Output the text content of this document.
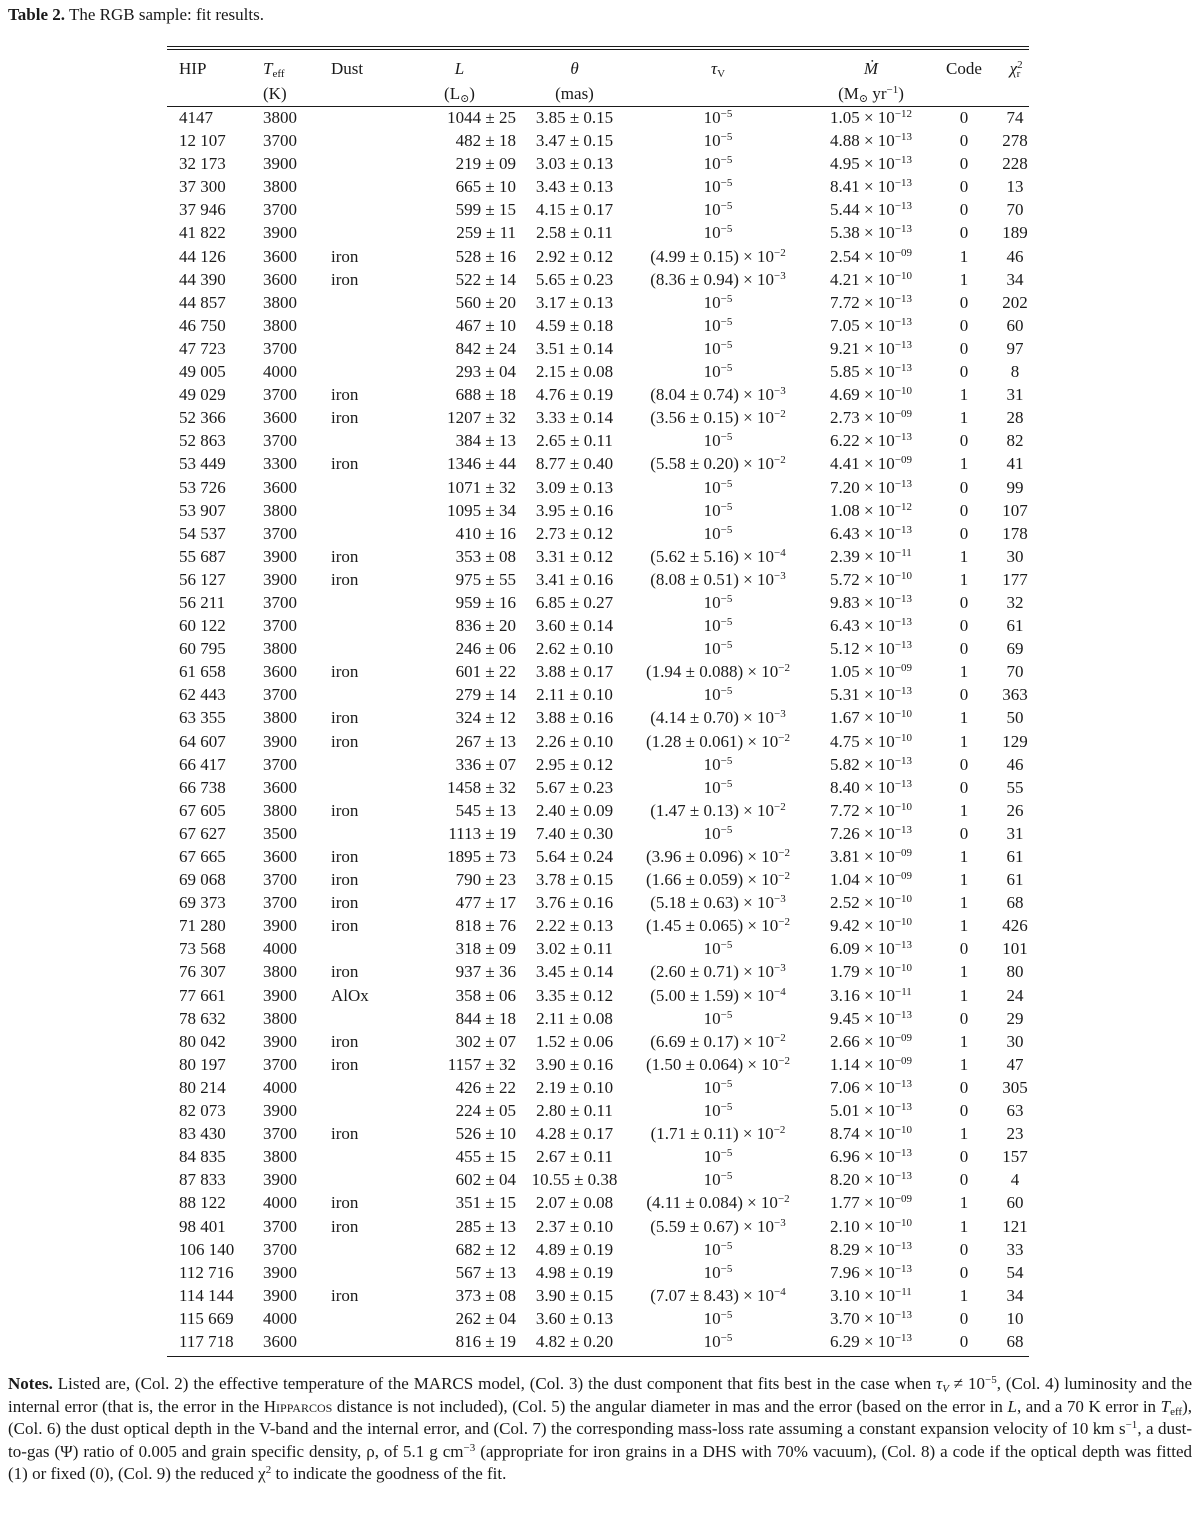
Table 2. The RGB sample: fit results.
HIP	$T_{eff}$	Dust	L	θ	$\tau_V$	Ṁ	Code	$\chi^2_r$
	(K)		$(L_⊙)$	(mas)		($M_⊙$ $yr^{-1}$)		
4147	3800		1044 ± 25	3.85 ± 0.15	$10^{-5}$	$1.05 \times 10^{-12}$	0	74
12 107	3700		482 ± 18	3.47 ± 0.15	$10^{-5}$	$4.88 \times 10^{-13}$	0	278
32 173	3900		219 ± 09	3.03 ± 0.13	$10^{-5}$	$4.95 \times 10^{-13}$	0	228
37 300	3800		665 ± 10	3.43 ± 0.13	$10^{-5}$	$8.41 \times 10^{-13}$	0	13
37 946	3700		599 ± 15	4.15 ± 0.17	$10^{-5}$	$5.44 \times 10^{-13}$	0	70
41 822	3900		259 ± 11	2.58 ± 0.11	$10^{-5}$	$5.38 \times 10^{-13}$	0	189
44 126	3600	iron	528 ± 16	2.92 ± 0.12	$(4.99 \pm 0.15) \times 10^{-2}$	$2.54 \times 10^{-09}$	1	46
44 390	3600	iron	522 ± 14	5.65 ± 0.23	$(8.36 \pm 0.94) \times 10^{-3}$	$4.21 \times 10^{-10}$	1	34
44 857	3800		560 ± 20	3.17 ± 0.13	$10^{-5}$	$7.72 \times 10^{-13}$	0	202
46 750	3800		467 ± 10	4.59 ± 0.18	$10^{-5}$	$7.05 \times 10^{-13}$	0	60
47 723	3700		842 ± 24	3.51 ± 0.14	$10^{-5}$	$9.21 \times 10^{-13}$	0	97
49 005	4000		293 ± 04	2.15 ± 0.08	$10^{-5}$	$5.85 \times 10^{-13}$	0	8
49 029	3700	iron	688 ± 18	4.76 ± 0.19	$(8.04 \pm 0.74) \times 10^{-3}$	$4.69 \times 10^{-10}$	1	31
52 366	3600	iron	1207 ± 32	3.33 ± 0.14	$(3.56 \pm 0.15) \times 10^{-2}$	$2.73 \times 10^{-09}$	1	28
52 863	3700		384 ± 13	2.65 ± 0.11	$10^{-5}$	$6.22 \times 10^{-13}$	0	82
53 449	3300	iron	1346 ± 44	8.77 ± 0.40	$(5.58 \pm 0.20) \times 10^{-2}$	$4.41 \times 10^{-09}$	1	41
53 726	3600		1071 ± 32	3.09 ± 0.13	$10^{-5}$	$7.20 \times 10^{-13}$	0	99
53 907	3800		1095 ± 34	3.95 ± 0.16	$10^{-5}$	$1.08 \times 10^{-12}$	0	107
54 537	3700		410 ± 16	2.73 ± 0.12	$10^{-5}$	$6.43 \times 10^{-13}$	0	178
55 687	3900	iron	353 ± 08	3.31 ± 0.12	$(5.62 \pm 5.16) \times 10^{-4}$	$2.39 \times 10^{-11}$	1	30
56 127	3900	iron	975 ± 55	3.41 ± 0.16	$(8.08 \pm 0.51) \times 10^{-3}$	$5.72 \times 10^{-10}$	1	177
56 211	3700		959 ± 16	6.85 ± 0.27	$10^{-5}$	$9.83 \times 10^{-13}$	0	32
60 122	3700		836 ± 20	3.60 ± 0.14	$10^{-5}$	$6.43 \times 10^{-13}$	0	61
60 795	3800		246 ± 06	2.62 ± 0.10	$10^{-5}$	$5.12 \times 10^{-13}$	0	69
61 658	3600	iron	601 ± 22	3.88 ± 0.17	$(1.94 \pm 0.088) \times 10^{-2}$	$1.05 \times 10^{-09}$	1	70
62 443	3700		279 ± 14	2.11 ± 0.10	$10^{-5}$	$5.31 \times 10^{-13}$	0	363
63 355	3800	iron	324 ± 12	3.88 ± 0.16	$(4.14 \pm 0.70) \times 10^{-3}$	$1.67 \times 10^{-10}$	1	50
64 607	3900	iron	267 ± 13	2.26 ± 0.10	$(1.28 \pm 0.061) \times 10^{-2}$	$4.75 \times 10^{-10}$	1	129
66 417	3700		336 ± 07	2.95 ± 0.12	$10^{-5}$	$5.82 \times 10^{-13}$	0	46
66 738	3600		1458 ± 32	5.67 ± 0.23	$10^{-5}$	$8.40 \times 10^{-13}$	0	55
67 605	3800	iron	545 ± 13	2.40 ± 0.09	$(1.47 \pm 0.13) \times 10^{-2}$	$7.72 \times 10^{-10}$	1	26
67 627	3500		1113 ± 19	7.40 ± 0.30	$10^{-5}$	$7.26 \times 10^{-13}$	0	31
67 665	3600	iron	1895 ± 73	5.64 ± 0.24	$(3.96 \pm 0.096) \times 10^{-2}$	$3.81 \times 10^{-09}$	1	61
69 068	3700	iron	790 ± 23	3.78 ± 0.15	$(1.66 \pm 0.059) \times 10^{-2}$	$1.04 \times 10^{-09}$	1	61
69 373	3700	iron	477 ± 17	3.76 ± 0.16	$(5.18 \pm 0.63) \times 10^{-3}$	$2.52 \times 10^{-10}$	1	68
71 280	3900	iron	818 ± 76	2.22 ± 0.13	$(1.45 \pm 0.065) \times 10^{-2}$	$9.42 \times 10^{-10}$	1	426
73 568	4000		318 ± 09	3.02 ± 0.11	$10^{-5}$	$6.09 \times 10^{-13}$	0	101
76 307	3800	iron	937 ± 36	3.45 ± 0.14	$(2.60 \pm 0.71) \times 10^{-3}$	$1.79 \times 10^{-10}$	1	80
77 661	3900	AlOx	358 ± 06	3.35 ± 0.12	$(5.00 \pm 1.59) \times 10^{-4}$	$3.16 \times 10^{-11}$	1	24
78 632	3800		844 ± 18	2.11 ± 0.08	$10^{-5}$	$9.45 \times 10^{-13}$	0	29
80 042	3900	iron	302 ± 07	1.52 ± 0.06	$(6.69 \pm 0.17) \times 10^{-2}$	$2.66 \times 10^{-09}$	1	30
80 197	3700	iron	1157 ± 32	3.90 ± 0.16	$(1.50 \pm 0.064) \times 10^{-2}$	$1.14 \times 10^{-09}$	1	47
80 214	4000		426 ± 22	2.19 ± 0.10	$10^{-5}$	$7.06 \times 10^{-13}$	0	305
82 073	3900		224 ± 05	2.80 ± 0.11	$10^{-5}$	$5.01 \times 10^{-13}$	0	63
83 430	3700	iron	526 ± 10	4.28 ± 0.17	$(1.71 \pm 0.11) \times 10^{-2}$	$8.74 \times 10^{-10}$	1	23
84 835	3800		455 ± 15	2.67 ± 0.11	$10^{-5}$	$6.96 \times 10^{-13}$	0	157
87 833	3900		602 ± 04	10.55 ± 0.38	$10^{-5}$	$8.20 \times 10^{-13}$	0	4
88 122	4000	iron	351 ± 15	2.07 ± 0.08	$(4.11 \pm 0.084) \times 10^{-2}$	$1.77 \times 10^{-09}$	1	60
98 401	3700	iron	285 ± 13	2.37 ± 0.10	$(5.59 \pm 0.67) \times 10^{-3}$	$2.10 \times 10^{-10}$	1	121
106 140	3700		682 ± 12	4.89 ± 0.19	$10^{-5}$	$8.29 \times 10^{-13}$	0	33
112 716	3900		567 ± 13	4.98 ± 0.19	$10^{-5}$	$7.96 \times 10^{-13}$	0	54
114 144	3900	iron	373 ± 08	3.90 ± 0.15	$(7.07 \pm 8.43) \times 10^{-4}$	$3.10 \times 10^{-11}$	1	34
115 669	4000		262 ± 04	3.60 ± 0.13	$10^{-5}$	$3.70 \times 10^{-13}$	0	10
117 718	3600		816 ± 19	4.82 ± 0.20	$10^{-5}$	$6.29 \times 10^{-13}$	0	68
Notes. Listed are, (Col. 2) the effective temperature of the MARCS model, (Col. 3) the dust component that fits best in the case when $\tau_V \ne 10^{-5}$, (Col. 4) luminosity and the internal error (that is, the error in the Hipparcos distance is not included), (Col. 5) the angular diameter in mas and the error (based on the error in L, and a 70 K error in $T_{eff}$), (Col. 6) the dust optical depth in the V-band and the internal error, and (Col. 7) the corresponding mass-loss rate assuming a constant expansion velocity of 10 km $s^{-1}$, a dust-to-gas (Ψ) ratio of 0.005 and grain specific density, ρ, of 5.1 g $cm^{-3}$ (appropriate for iron grains in a DHS with 70% vacuum), (Col. 8) a code if the optical depth was fitted (1) or fixed (0), (Col. 9) the reduced $\chi^2$ to indicate the goodness of the fit.
